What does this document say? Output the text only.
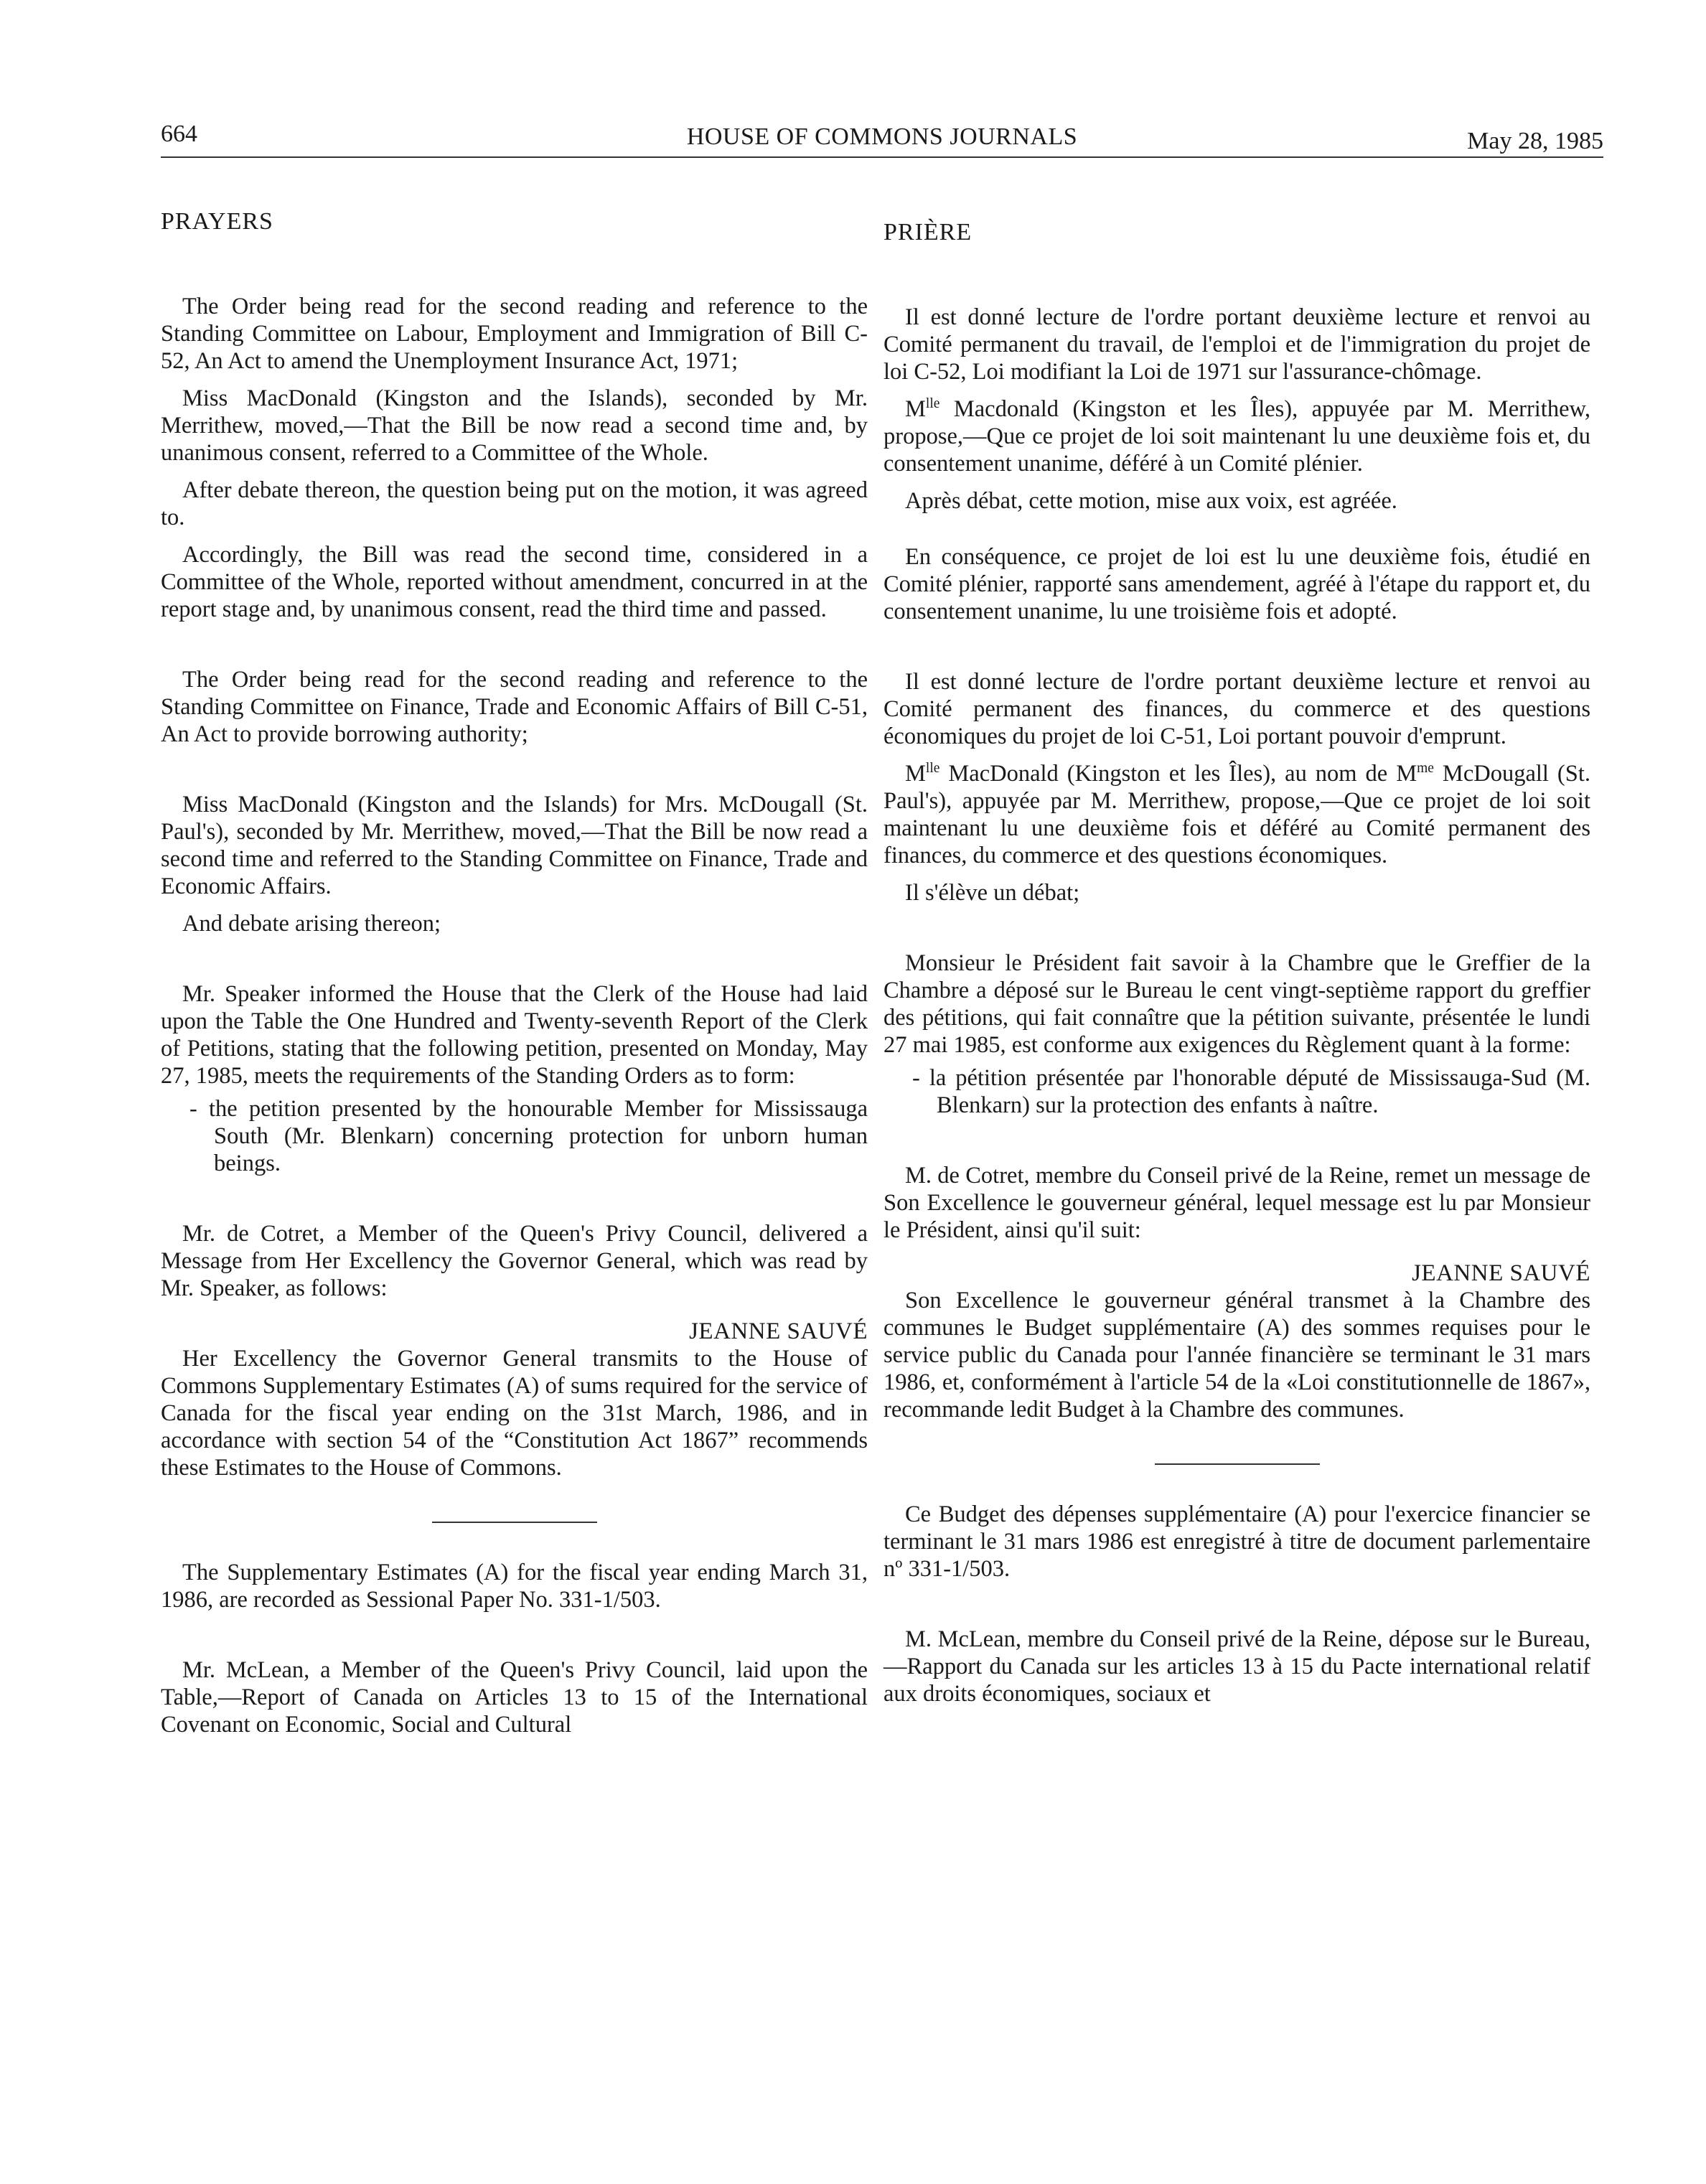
664	HOUSE OF COMMONS JOURNALS	May 28, 1985
PRAYERS

The Order being read for the second reading and reference to the Standing Committee on Labour, Employment and Immigration of Bill C-52, An Act to amend the Unemployment Insurance Act, 1971;

Miss MacDonald (Kingston and the Islands), seconded by Mr. Merrithew, moved,—That the Bill be now read a second time and, by unanimous consent, referred to a Committee of the Whole.

After debate thereon, the question being put on the motion, it was agreed to.

Accordingly, the Bill was read the second time, considered in a Committee of the Whole, reported without amendment, concurred in at the report stage and, by unanimous consent, read the third time and passed.

The Order being read for the second reading and reference to the Standing Committee on Finance, Trade and Economic Affairs of Bill C-51, An Act to provide borrowing authority;

Miss MacDonald (Kingston and the Islands) for Mrs. McDougall (St. Paul's), seconded by Mr. Merrithew, moved,—That the Bill be now read a second time and referred to the Standing Committee on Finance, Trade and Economic Affairs.

And debate arising thereon;

Mr. Speaker informed the House that the Clerk of the House had laid upon the Table the One Hundred and Twenty-seventh Report of the Clerk of Petitions, stating that the following petition, presented on Monday, May 27, 1985, meets the requirements of the Standing Orders as to form:

- the petition presented by the honourable Member for Mississauga South (Mr. Blenkarn) concerning protection for unborn human beings.

Mr. de Cotret, a Member of the Queen's Privy Council, delivered a Message from Her Excellency the Governor General, which was read by Mr. Speaker, as follows:

JEANNE SAUVÉ

Her Excellency the Governor General transmits to the House of Commons Supplementary Estimates (A) of sums required for the service of Canada for the fiscal year ending on the 31st March, 1986, and in accordance with section 54 of the “Constitution Act 1867” recommends these Estimates to the House of Commons.

The Supplementary Estimates (A) for the fiscal year ending March 31, 1986, are recorded as Sessional Paper No. 331-1/503.

Mr. McLean, a Member of the Queen's Privy Council, laid upon the Table,—Report of Canada on Articles 13 to 15 of the International Covenant on Economic, Social and Cultural

PRIÈRE

Il est donné lecture de l'ordre portant deuxième lecture et renvoi au Comité permanent du travail, de l'emploi et de l'immigration du projet de loi C-52, Loi modifiant la Loi de 1971 sur l'assurance-chômage.

$M^{lle}$ Macdonald (Kingston et les Îles), appuyée par M. Merrithew, propose,—Que ce projet de loi soit maintenant lu une deuxième fois et, du consentement unanime, déféré à un Comité plénier.

Après débat, cette motion, mise aux voix, est agréée.

En conséquence, ce projet de loi est lu une deuxième fois, étudié en Comité plénier, rapporté sans amendement, agréé à l'étape du rapport et, du consentement unanime, lu une troisième fois et adopté.

Il est donné lecture de l'ordre portant deuxième lecture et renvoi au Comité permanent des finances, du commerce et des questions économiques du projet de loi C-51, Loi portant pouvoir d'emprunt.

$M^{lle}$ MacDonald (Kingston et les Îles), au nom de $M^{me}$ McDougall (St. Paul's), appuyée par M. Merrithew, propose,—Que ce projet de loi soit maintenant lu une deuxième fois et déféré au Comité permanent des finances, du commerce et des questions économiques.

Il s'élève un débat;

Monsieur le Président fait savoir à la Chambre que le Greffier de la Chambre a déposé sur le Bureau le cent vingt-septième rapport du greffier des pétitions, qui fait connaître que la pétition suivante, présentée le lundi 27 mai 1985, est conforme aux exigences du Règlement quant à la forme:

- la pétition présentée par l'honorable député de Mississauga-Sud (M. Blenkarn) sur la protection des enfants à naître.

M. de Cotret, membre du Conseil privé de la Reine, remet un message de Son Excellence le gouverneur général, lequel message est lu par Monsieur le Président, ainsi qu'il suit:

JEANNE SAUVÉ

Son Excellence le gouverneur général transmet à la Chambre des communes le Budget supplémentaire (A) des sommes requises pour le service public du Canada pour l'année financière se terminant le 31 mars 1986, et, conformément à l'article 54 de la «Loi constitutionnelle de 1867», recommande ledit Budget à la Chambre des communes.

Ce Budget des dépenses supplémentaire (A) pour l'exercice financier se terminant le 31 mars 1986 est enregistré à titre de document parlementaire nº 331-1/503.

M. McLean, membre du Conseil privé de la Reine, dépose sur le Bureau,—Rapport du Canada sur les articles 13 à 15 du Pacte international relatif aux droits économiques, sociaux et
